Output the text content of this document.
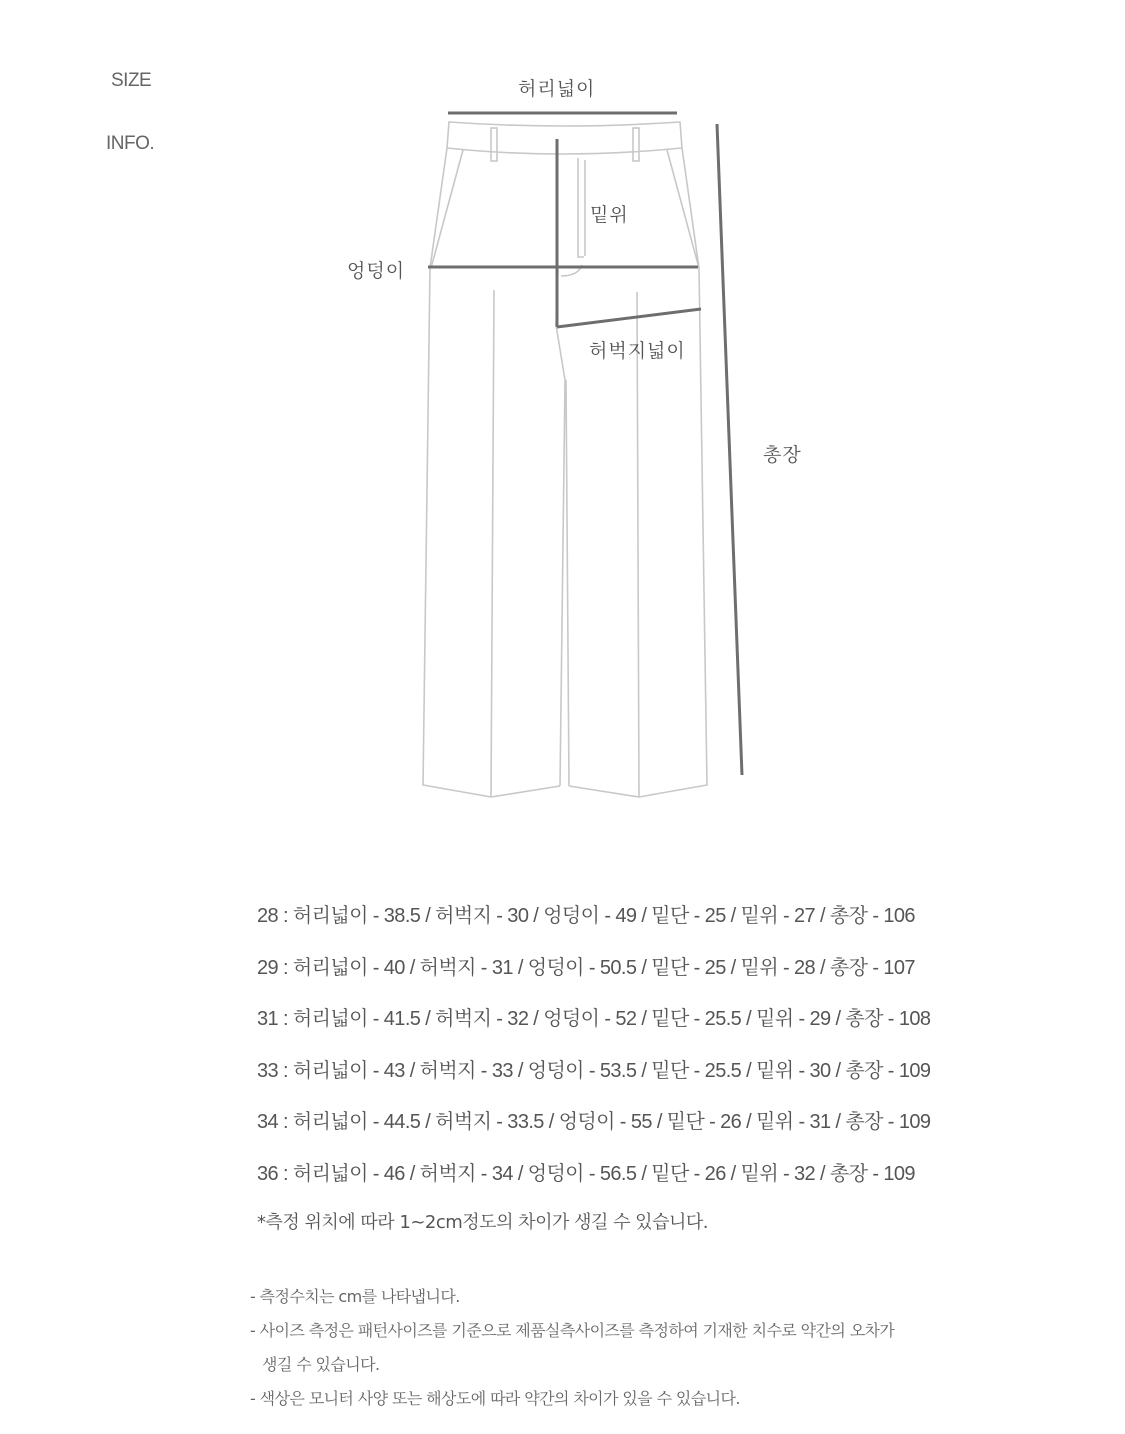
SIZE
INFO.
허리넓이
밑위
엉덩이
허벅지넓이
총장
28 : 허리넓이 - 38.5 / 허벅지 - 30 / 엉덩이 - 49 / 밑단 - 25 / 밑위 - 27 / 총장 - 106
29 : 허리넓이 - 40 / 허벅지 - 31 / 엉덩이 - 50.5 / 밑단 - 25 / 밑위 - 28 / 총장 - 107
31 : 허리넓이 - 41.5 / 허벅지 - 32 / 엉덩이 - 52 / 밑단 - 25.5 / 밑위 - 29 / 총장 - 108
33 : 허리넓이 - 43 / 허벅지 - 33 / 엉덩이 - 53.5 / 밑단 - 25.5 / 밑위 - 30 / 총장 - 109
34 : 허리넓이 - 44.5 / 허벅지 - 33.5 / 엉덩이 - 55 / 밑단 - 26 / 밑위 - 31 / 총장 - 109
36 : 허리넓이 - 46 / 허벅지 - 34 / 엉덩이 - 56.5 / 밑단 - 26 / 밑위 - 32 / 총장 - 109
*측정 위치에 따라 1~2cm정도의 차이가 생길 수 있습니다.
- 측정수치는 cm를 나타냅니다.
- 사이즈 측정은 패턴사이즈를 기준으로 제품실측사이즈를 측정하여 기재한 치수로 약간의 오차가
생길 수 있습니다.
- 색상은 모니터 사양 또는 해상도에 따라 약간의 차이가 있을 수 있습니다.
